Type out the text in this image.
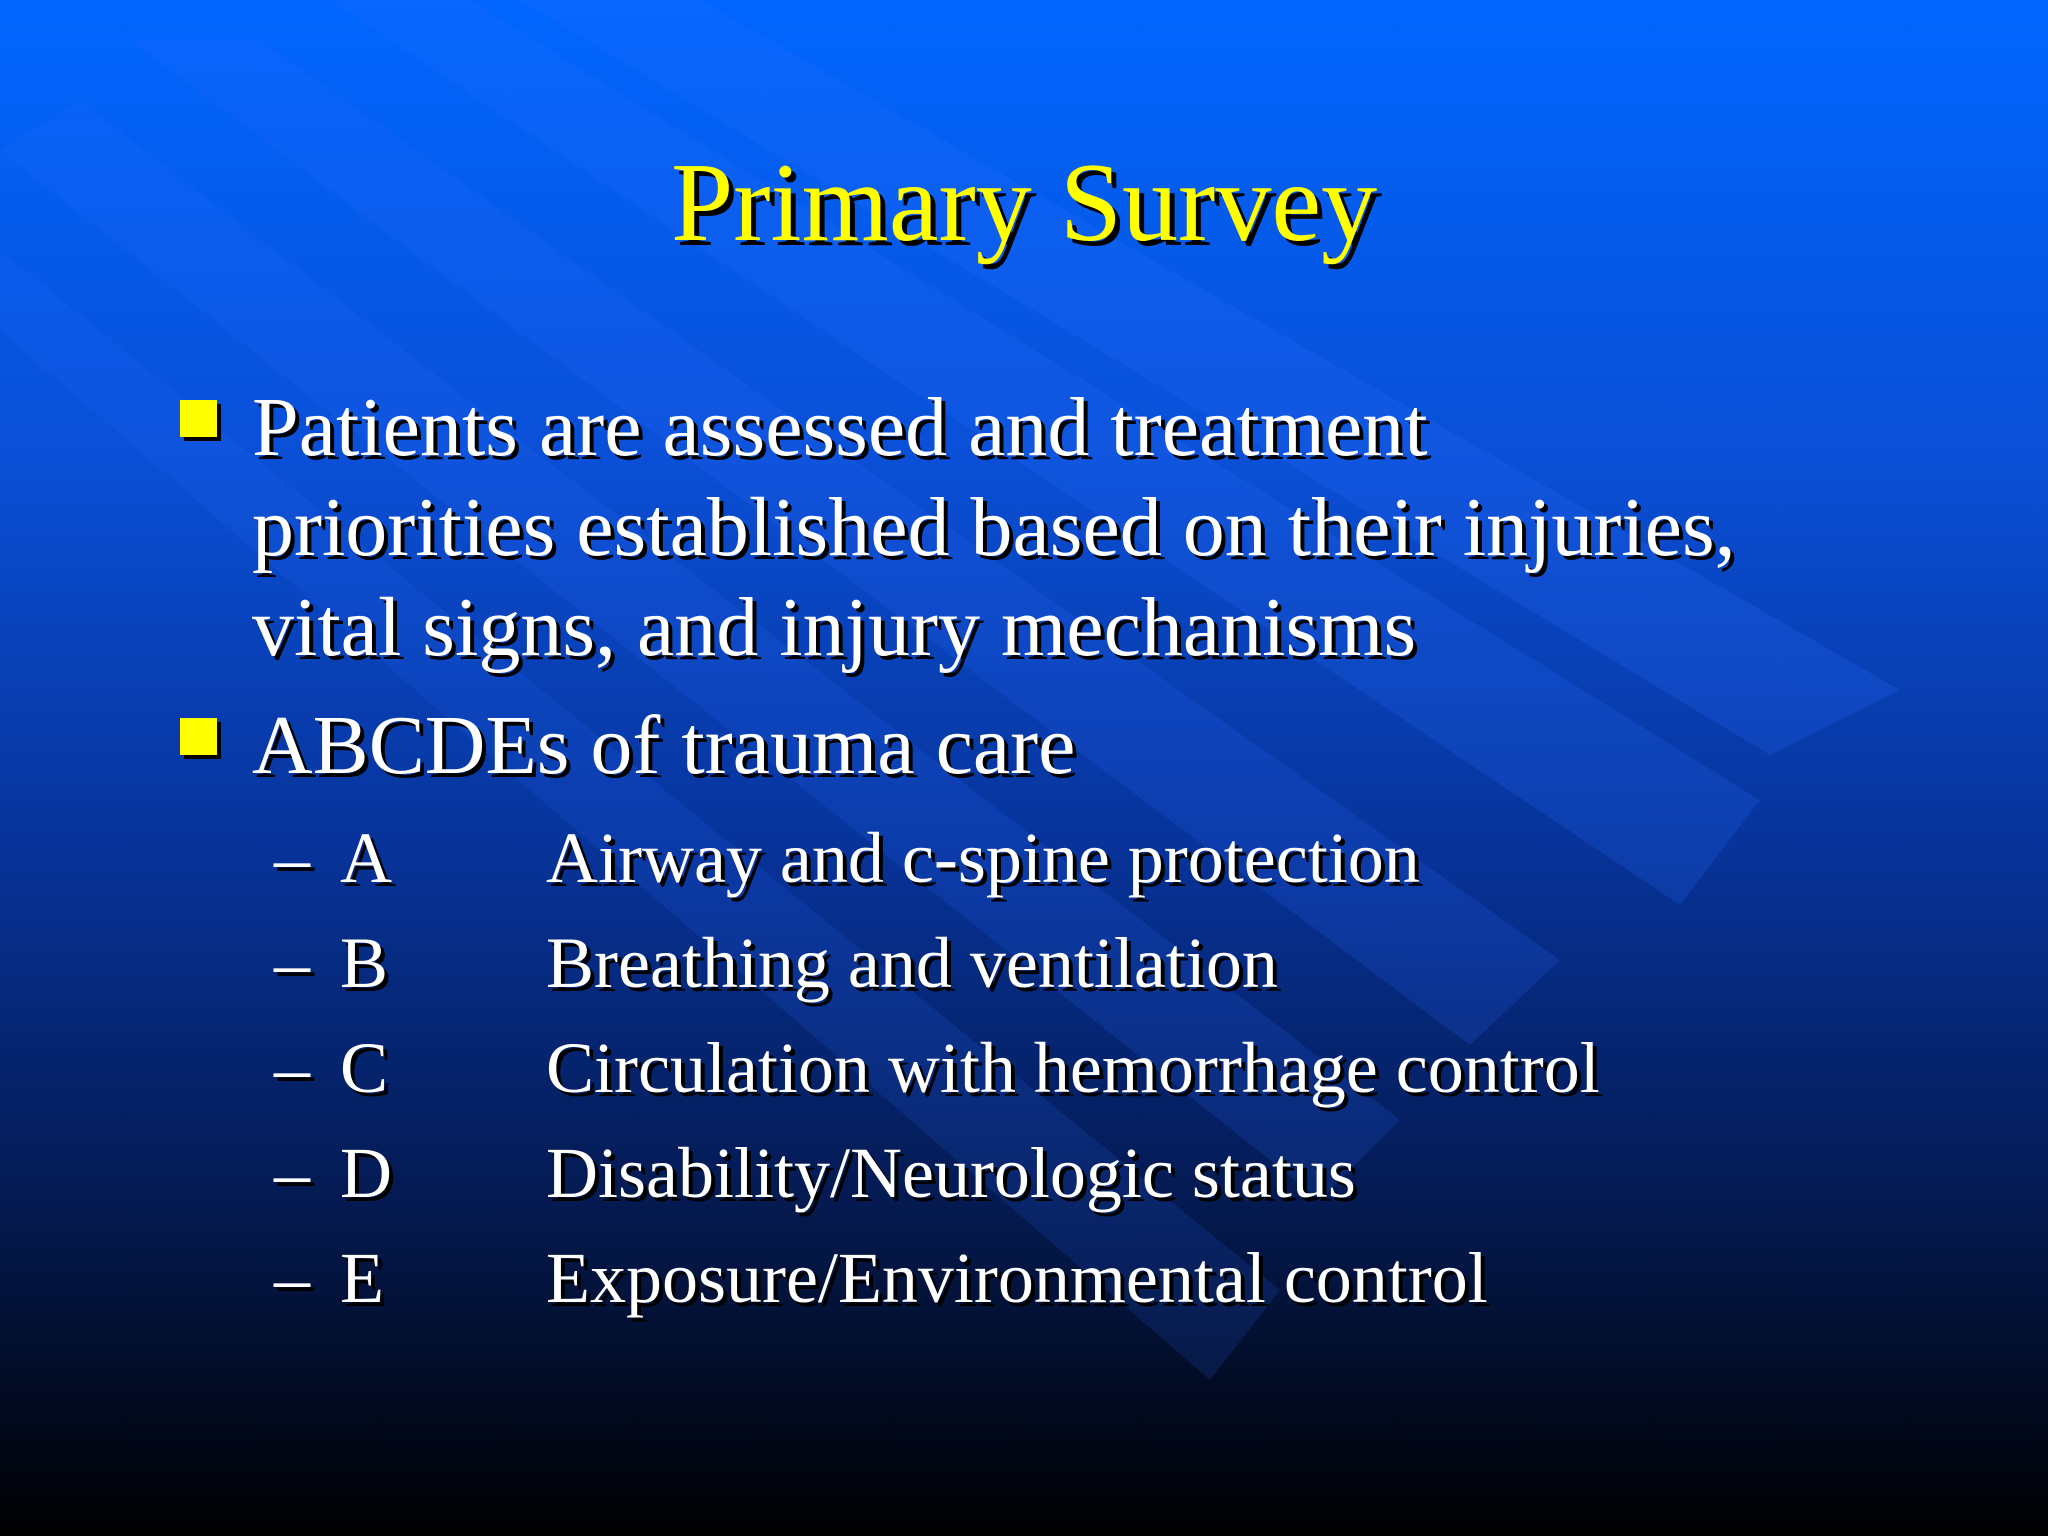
Primary Survey
Patients are assessed and treatment
priorities established based on their injuries,
vital signs, and injury mechanisms
ABCDEs of trauma care
– A Airway and c-spine protection
– B Breathing and ventilation
– C Circulation with hemorrhage control
– D Disability/Neurologic status
– E Exposure/Environmental control
